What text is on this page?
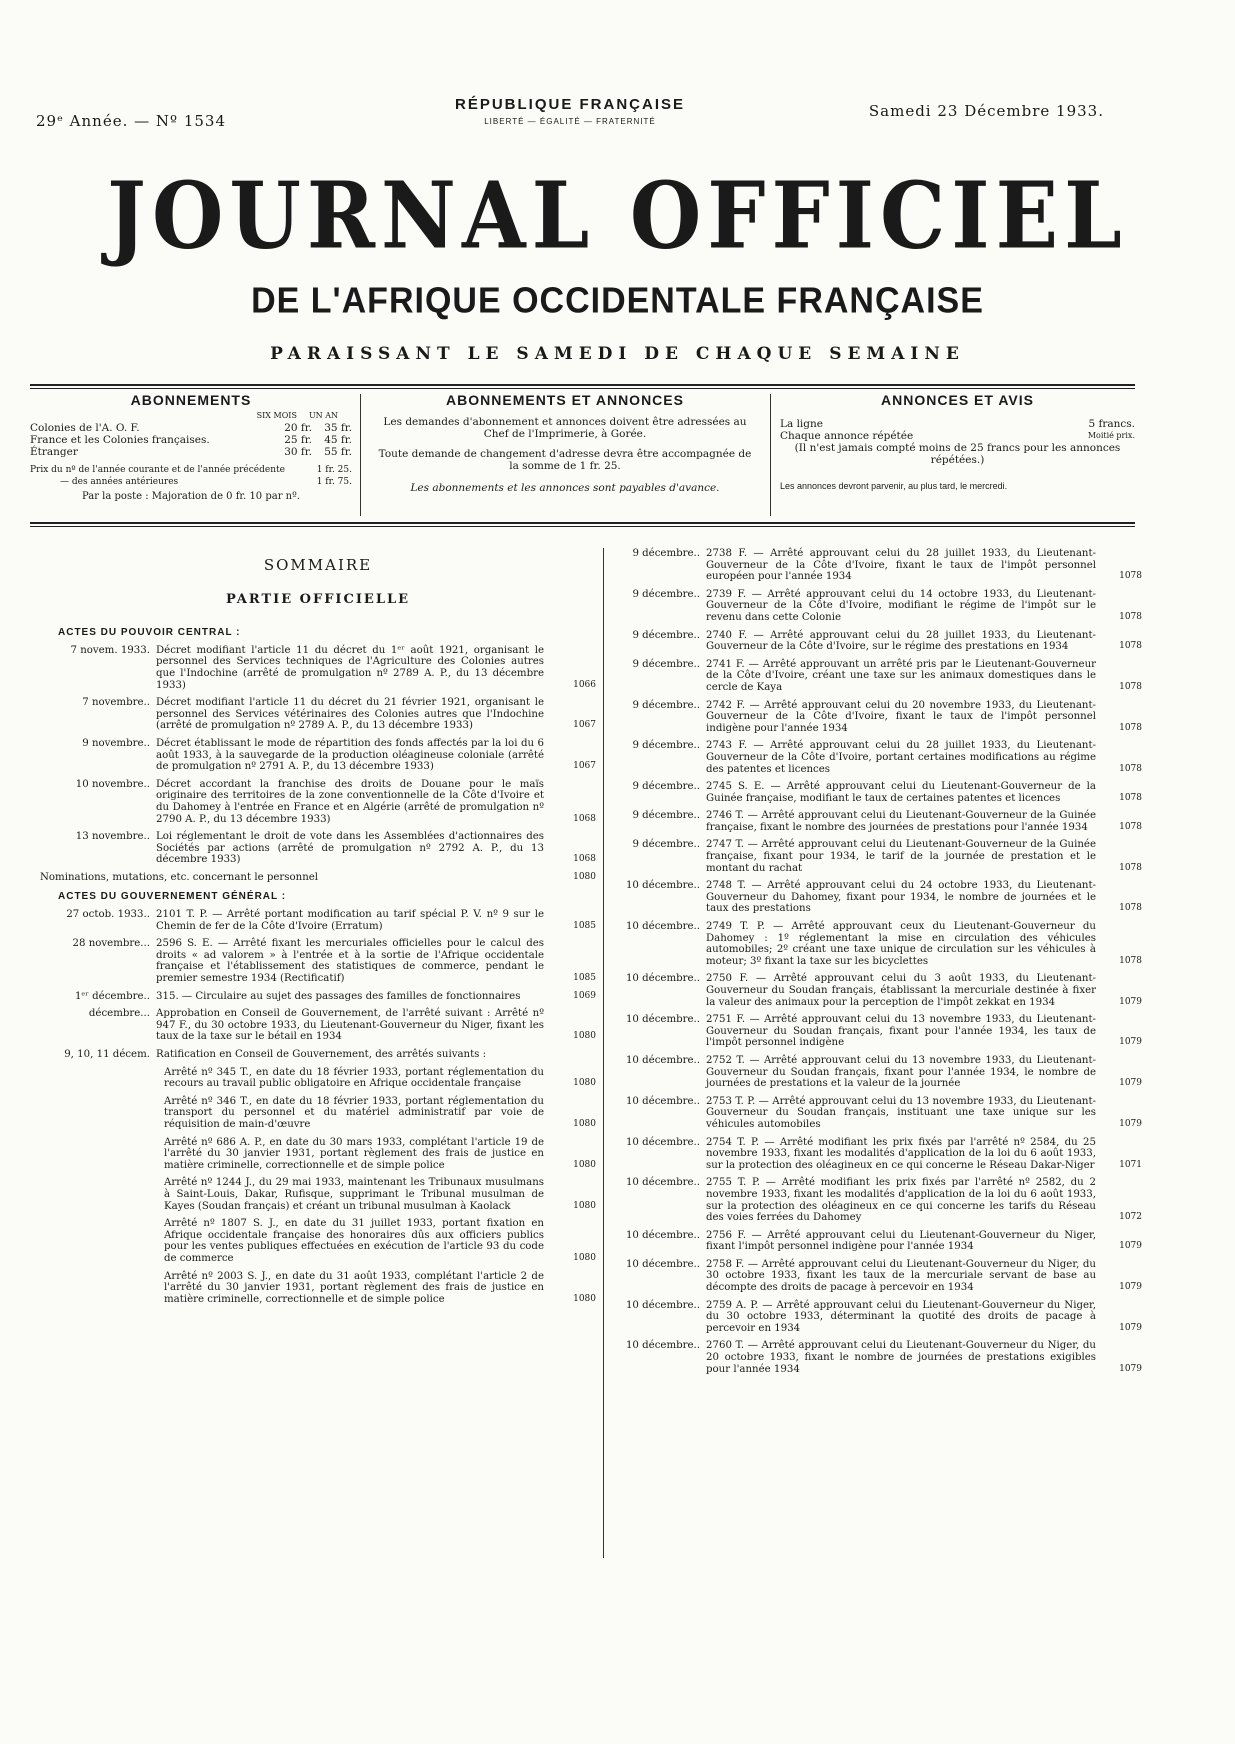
29ᵉ Année. — Nº 1534
RÉPUBLIQUE FRANÇAISE
LIBERTÉ — ÉGALITÉ — FRATERNITÉ
Samedi 23 Décembre 1933.
JOURNAL OFFICIEL
DE L'AFRIQUE OCCIDENTALE FRANÇAISE
PARAISSANT LE SAMEDI DE CHAQUE SEMAINE
ABONNEMENTS
SIX MOIS UN AN
Colonies de l'A. O. F.	20 fr.	35 fr.
France et les Colonies françaises.	25 fr.	45 fr.
Étranger	30 fr.	55 fr.
Prix du nº de l'année courante et de l'année précédente	1 fr. 25.
— des années antérieures	1 fr. 75.
Par la poste : Majoration de 0 fr. 10 par nº.
ABONNEMENTS ET ANNONCES
Les demandes d'abonnement et annonces doivent être adressées au Chef de l'Imprimerie, à Gorée.
Toute demande de changement d'adresse devra être accompagnée de la somme de 1 fr. 25.
Les abonnements et les annonces sont payables d'avance.
ANNONCES ET AVIS
La ligne	5 francs.
Chaque annonce répétée	Moitié prix.
(Il n'est jamais compté moins de 25 francs pour les annonces répétées.)
Les annonces devront parvenir, au plus tard, le mercredi.
SOMMAIRE
PARTIE OFFICIELLE
ACTES DU POUVOIR CENTRAL :
7 novem. 1933. Décret modifiant l'article 11 du décret du 1ᵉʳ août 1921, organisant le personnel des Services techniques de l'Agriculture des Colonies autres que l'Indochine (arrêté de promulgation nº 2789 A. P., du 13 décembre 1933)	1066
7 novembre.. Décret modifiant l'article 11 du décret du 21 février 1921, organisant le personnel des Services vétérinaires des Colonies autres que l'Indochine (arrêté de promulgation nº 2789 A. P., du 13 décembre 1933)	1067
9 novembre.. Décret établissant le mode de répartition des fonds affectés par la loi du 6 août 1933, à la sauvegarde de la production oléagineuse coloniale (arrêté de promulgation nº 2791 A. P., du 13 décembre 1933)	1067
10 novembre.. Décret accordant la franchise des droits de Douane pour le maïs originaire des territoires de la zone conventionnelle de la Côte d'Ivoire et du Dahomey à l'entrée en France et en Algérie (arrêté de promulgation nº 2790 A. P., du 13 décembre 1933)	1068
13 novembre.. Loi réglementant le droit de vote dans les Assemblées d'actionnaires des Sociétés par actions (arrêté de promulgation nº 2792 A. P., du 13 décembre 1933)	1068
Nominations, mutations, etc. concernant le personnel	1080
ACTES DU GOUVERNEMENT GÉNÉRAL :
27 octob. 1933.. 2101 T. P. — Arrêté portant modification au tarif spécial P. V. nº 9 sur le Chemin de fer de la Côte d'Ivoire (Erratum)	1085
28 novembre... 2596 S. E. — Arrêté fixant les mercuriales officielles pour le calcul des droits « ad valorem » à l'entrée et à la sortie de l'Afrique occidentale française et l'établissement des statistiques de commerce, pendant le premier semestre 1934 (Rectificatif)	1085
1ᵉʳ décembre.. 315. — Circulaire au sujet des passages des familles de fonctionnaires	1069
décembre... Approbation en Conseil de Gouvernement, de l'arrêté suivant : Arrêté nº 947 F., du 30 octobre 1933, du Lieutenant-Gouverneur du Niger, fixant les taux de la taxe sur le bétail en 1934	1080
9, 10, 11 décem. Ratification en Conseil de Gouvernement, des arrêtés suivants :
Arrêté nº 345 T., en date du 18 février 1933, portant réglementation du recours au travail public obligatoire en Afrique occidentale française	1080
Arrêté nº 346 T., en date du 18 février 1933, portant réglementation du transport du personnel et du matériel administratif par voie de réquisition de main-d'œuvre	1080
Arrêté nº 686 A. P., en date du 30 mars 1933, complétant l'article 19 de l'arrêté du 30 janvier 1931, portant règlement des frais de justice en matière criminelle, correctionnelle et de simple police	1080
Arrêté nº 1244 J., du 29 mai 1933, maintenant les Tribunaux musulmans à Saint-Louis, Dakar, Rufisque, supprimant le Tribunal musulman de Kayes (Soudan français) et créant un tribunal musulman à Kaolack	1080
Arrêté nº 1807 S. J., en date du 31 juillet 1933, portant fixation en Afrique occidentale française des honoraires dûs aux officiers publics pour les ventes publiques effectuées en exécution de l'article 93 du code de commerce	1080
Arrêté nº 2003 S. J., en date du 31 août 1933, complétant l'article 2 de l'arrêté du 30 janvier 1931, portant règlement des frais de justice en matière criminelle, correctionnelle et de simple police	1080
9 décembre.. 2738 F. — Arrêté approuvant celui du 28 juillet 1933, du Lieutenant-Gouverneur de la Côte d'Ivoire, fixant le taux de l'impôt personnel européen pour l'année 1934	1078
9 décembre.. 2739 F. — Arrêté approuvant celui du 14 octobre 1933, du Lieutenant-Gouverneur de la Côte d'Ivoire, modifiant le régime de l'impôt sur le revenu dans cette Colonie	1078
9 décembre.. 2740 F. — Arrêté approuvant celui du 28 juillet 1933, du Lieutenant-Gouverneur de la Côte d'Ivoire, sur le régime des prestations en 1934	1078
9 décembre.. 2741 F. — Arrêté approuvant un arrêté pris par le Lieutenant-Gouverneur de la Côte d'Ivoire, créant une taxe sur les animaux domestiques dans le cercle de Kaya	1078
9 décembre.. 2742 F. — Arrêté approuvant celui du 20 novembre 1933, du Lieutenant-Gouverneur de la Côte d'Ivoire, fixant le taux de l'impôt personnel indigène pour l'année 1934	1078
9 décembre.. 2743 F. — Arrêté approuvant celui du 28 juillet 1933, du Lieutenant-Gouverneur de la Côte d'Ivoire, portant certaines modifications au régime des patentes et licences	1078
9 décembre.. 2745 S. E. — Arrêté approuvant celui du Lieutenant-Gouverneur de la Guinée française, modifiant le taux de certaines patentes et licences	1078
9 décembre.. 2746 T. — Arrêté approuvant celui du Lieutenant-Gouverneur de la Guinée française, fixant le nombre des journées de prestations pour l'année 1934	1078
9 décembre.. 2747 T. — Arrêté approuvant celui du Lieutenant-Gouverneur de la Guinée française, fixant pour 1934, le tarif de la journée de prestation et le montant du rachat	1078
10 décembre.. 2748 T. — Arrêté approuvant celui du 24 octobre 1933, du Lieutenant-Gouverneur du Dahomey, fixant pour 1934, le nombre de journées et le taux des prestations	1078
10 décembre.. 2749 T. P. — Arrêté approuvant ceux du Lieutenant-Gouverneur du Dahomey : 1º réglementant la mise en circulation des véhicules automobiles; 2º créant une taxe unique de circulation sur les véhicules à moteur; 3º fixant la taxe sur les bicyclettes	1078
10 décembre.. 2750 F. — Arrêté approuvant celui du 3 août 1933, du Lieutenant-Gouverneur du Soudan français, établissant la mercuriale destinée à fixer la valeur des animaux pour la perception de l'impôt zekkat en 1934	1079
10 décembre.. 2751 F. — Arrêté approuvant celui du 13 novembre 1933, du Lieutenant-Gouverneur du Soudan français, fixant pour l'année 1934, les taux de l'impôt personnel indigène	1079
10 décembre.. 2752 T. — Arrêté approuvant celui du 13 novembre 1933, du Lieutenant-Gouverneur du Soudan français, fixant pour l'année 1934, le nombre de journées de prestations et la valeur de la journée	1079
10 décembre.. 2753 T. P. — Arrêté approuvant celui du 13 novembre 1933, du Lieutenant-Gouverneur du Soudan français, instituant une taxe unique sur les véhicules automobiles	1079
10 décembre.. 2754 T. P. — Arrêté modifiant les prix fixés par l'arrêté nº 2584, du 25 novembre 1933, fixant les modalités d'application de la loi du 6 août 1933, sur la protection des oléagineux en ce qui concerne le Réseau Dakar-Niger	1071
10 décembre.. 2755 T. P. — Arrêté modifiant les prix fixés par l'arrêté nº 2582, du 2 novembre 1933, fixant les modalités d'application de la loi du 6 août 1933, sur la protection des oléagineux en ce qui concerne les tarifs du Réseau des voies ferrées du Dahomey	1072
10 décembre.. 2756 F. — Arrêté approuvant celui du Lieutenant-Gouverneur du Niger, fixant l'impôt personnel indigène pour l'année 1934	1079
10 décembre.. 2758 F. — Arrêté approuvant celui du Lieutenant-Gouverneur du Niger, du 30 octobre 1933, fixant les taux de la mercuriale servant de base au décompte des droits de pacage à percevoir en 1934	1079
10 décembre.. 2759 A. P. — Arrêté approuvant celui du Lieutenant-Gouverneur du Niger, du 30 octobre 1933, déterminant la quotité des droits de pacage à percevoir en 1934	1079
10 décembre.. 2760 T. — Arrêté approuvant celui du Lieutenant-Gouverneur du Niger, du 20 octobre 1933, fixant le nombre de journées de prestations exigibles pour l'année 1934	1079
